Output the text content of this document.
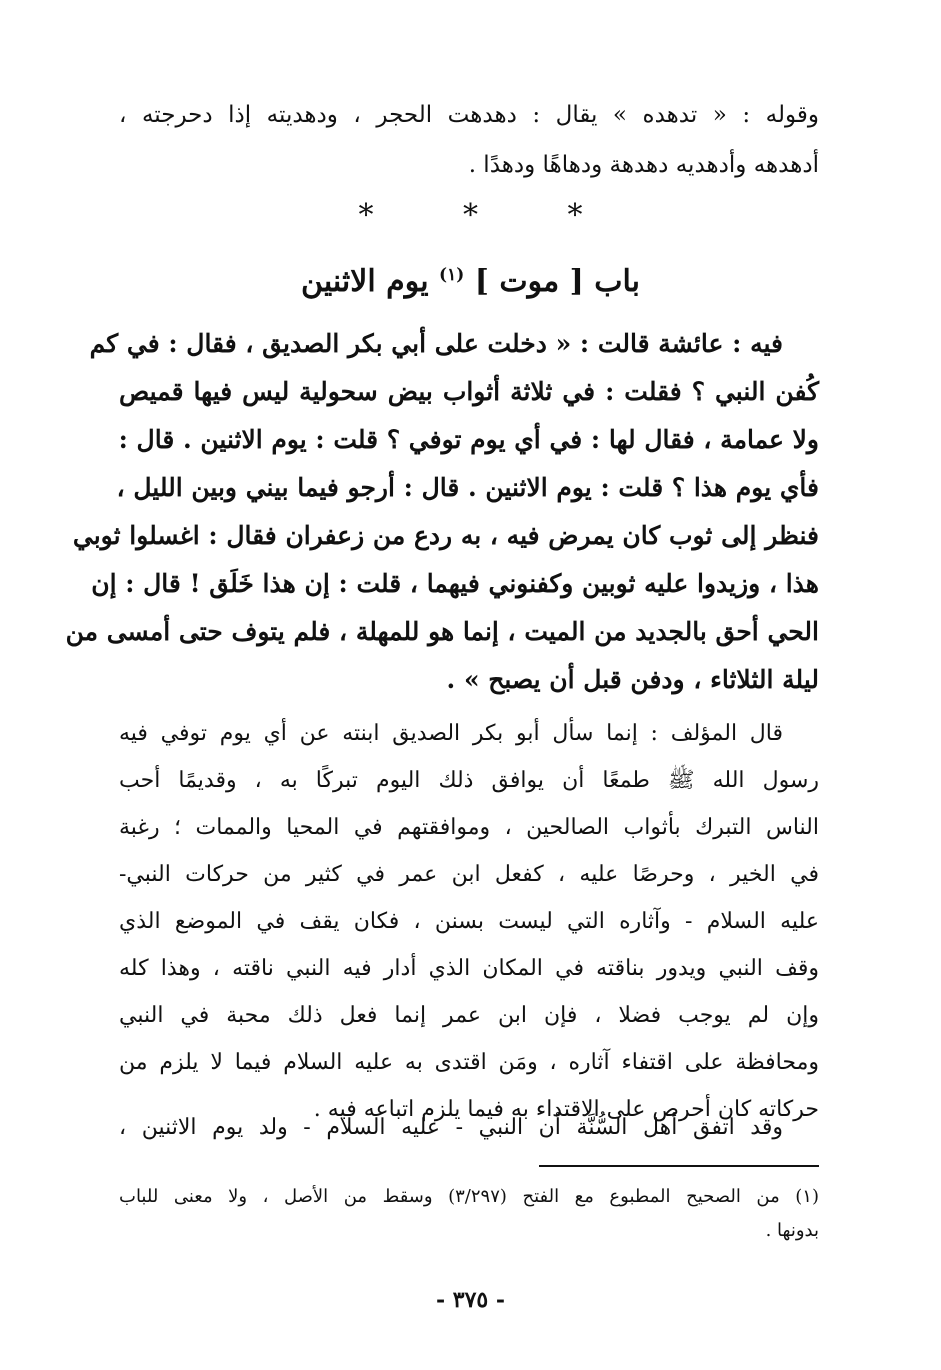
وقوله : « تدهده » يقال : دهدهت الحجر ، ودهديته إذا دحرجته ،
أدهدهه وأدهديه دهدهة ودهاهًا ودهدًا .
*	*	*
باب [ موت ] $^{(١)}$ يوم الاثنين
فيه : عائشة قالت : « دخلت على أبي بكر الصديق ، فقال : في كم
كُفن النبي ؟ فقلت : في ثلاثة أثواب بيض سحولية ليس فيها قميص
ولا عمامة ، فقال لها : في أي يوم توفي ؟ قلت : يوم الاثنين . قال :
فأي يوم هذا ؟ قلت : يوم الاثنين . قال : أرجو فيما بيني وبين الليل ،
فنظر إلى ثوب كان يمرض فيه ، به ردع من زعفران فقال : اغسلوا ثوبي
هذا ، وزيدوا عليه ثوبين وكفنوني فيهما ، قلت : إن هذا خَلَق ! قال : إن
الحي أحق بالجديد من الميت ، إنما هو للمهلة ، فلم يتوف حتى أمسى من
ليلة الثلاثاء ، ودفن قبل أن يصبح » .
قال المؤلف : إنما سأل أبو بكر الصديق ابنته عن أي يوم توفي فيه
رسول الله ﷺ طمعًا أن يوافق ذلك اليوم تبركًا به ، وقديمًا أحب
الناس التبرك بأثواب الصالحين ، وموافقتهم في المحيا والممات ؛ رغبة
في الخير ، وحرصًا عليه ، كفعل ابن عمر في كثير من حركات النبي-
عليه السلام - وآثاره التي ليست بسنن ، فكان يقف في الموضع الذي
وقف النبي ويدور بناقته في المكان الذي أدار فيه النبي ناقته ، وهذا كله
وإن لم يوجب فضلا ، فإن ابن عمر إنما فعل ذلك محبة في النبي
ومحافظة على اقتفاء آثاره ، ومَن اقتدى به عليه السلام فيما لا يلزم من
حركاته كان أحرص على الاقتداء به فيما يلزم اتباعه فيه .
وقد اتفق أهل السُّنَّة أن النبي - عليه السلام - ولد يوم الاثنين ،
(١) من الصحيح المطبوع مع الفتح (٣/٢٩٧) وسقط من الأصل ، ولا معنى للباب
بدونها .
- ٣٧٥ -
